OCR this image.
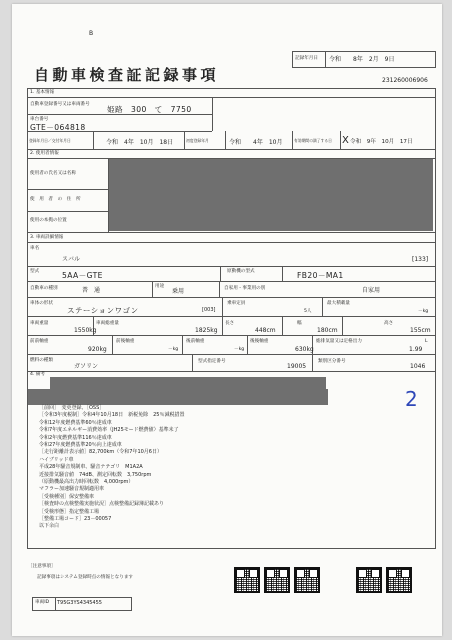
B
記録年月日 令和　　8年　2月　9日
自動車検査証記録事項	231260006906
1. 基本情報
自動車登録番号又は車両番号
姫路　300　て　7750
車台番号
GTE－064818
登録年月日／交付年月日	令和　4年　10月　18日	初度登録年月	令和　　4年　10月	有効期間の満了する日 X 令和　9年　10月　17日
2. 使用者情報
使用者の氏名又は名称
使　用　者　の　住　所
使用の本拠の位置
3. 車両詳細情報
車名
スバル	[133]
型式	5AA－GTE	原動機の型式	FB20－MA1
自動車の種別	普　通
用途
乗用	自家用・事業用の別	自家用
車体の形状
ステーションワゴン	[003]
乗車定員
5人
最大積載量
－kg
車両重量
1550kg
車両総重量
1825kg
長さ
448cm
幅
180cm
高さ
155cm
前前軸重
920kg
前後軸重
－kg
後前軸重
－kg
後後軸重
630kg
総排気量又は定格出力
1.99
L
燃料の種類
ガソリン
型式指定番号
19005
類別区分番号
1046
4. 備考
2
［前回］　変更登録、［OSS］
［令和3年度税制］令和4年10月18日　新税免除　25％減税措置
令和12年度燃費基準60％達成車
令和7年度エネルギー消費効率（JH25モード燃費値）基準未了
令和2年度燃費基準116％達成車
令和27年度燃費基準20％向上達成車
［走行距離計表示値］82,700km（令和7年10月6日）
ハイブリッド車
平成28年騒音規制車、騒音ナテゴリ　M1A2A
近接排気騒音値　74dB、測定回転数　3,750rpm
（原動機最高出力時回転数　4,000rpm）
マフラー加速騒音規制適用車
［受検種別］保安整備車
［検査時の点検整備実施状況］点検整備記録簿記載あり
［受検形態］指定整備工場
［整備工場コード］23－00057
以下余白
［注意事項］
記録事項はシステム登録時点の情報となります
車両ID T95G3YS4345455
